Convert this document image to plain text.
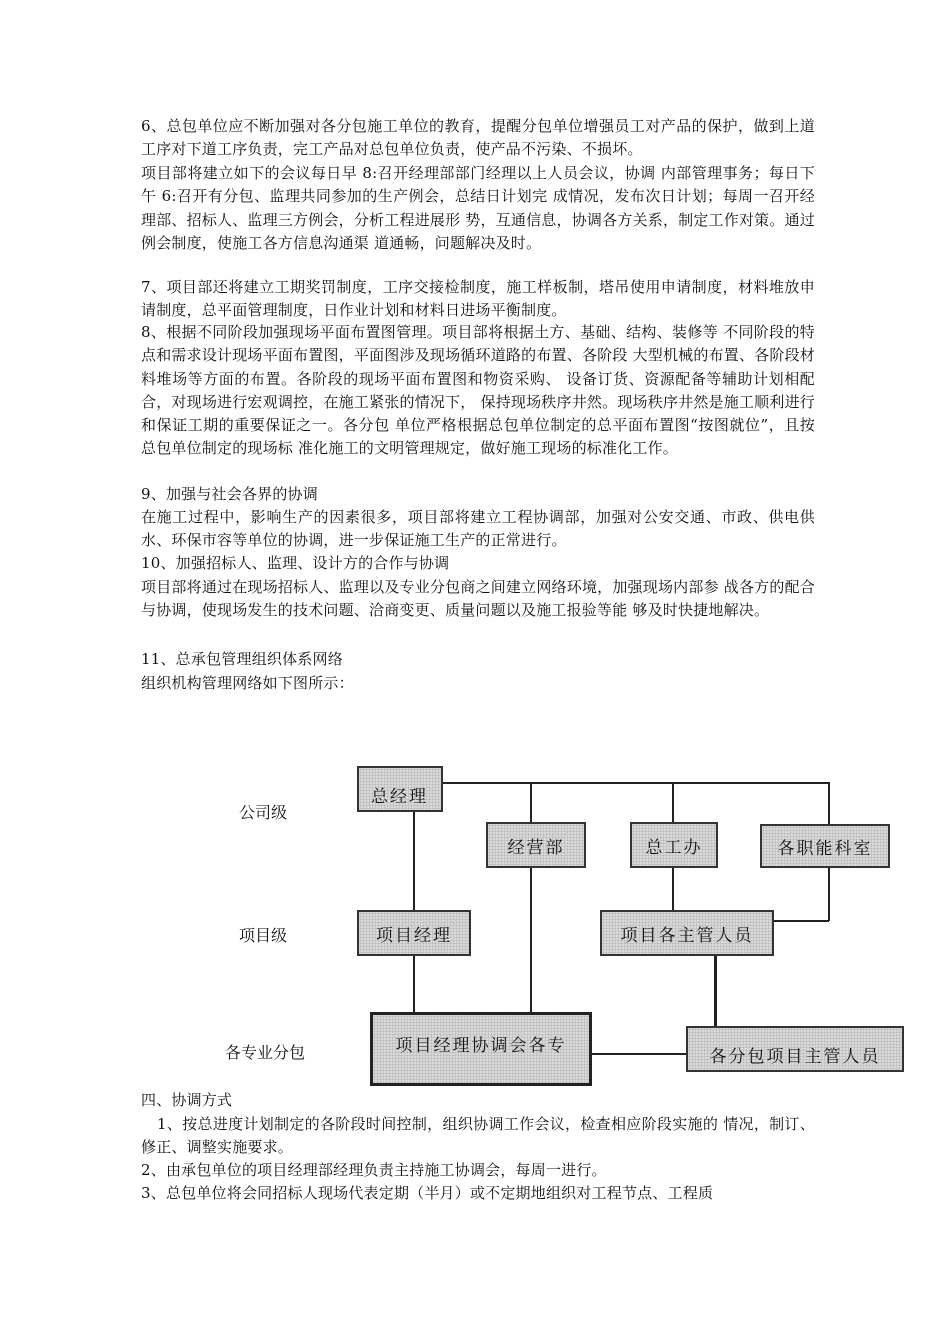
6、总包单位应不断加强对各分包施工单位的教育，提醒分包单位增强员工对产品的保护，做到上道工序对下道工序负责，完工产品对总包单位负责，使产品不污染、不损坏。
项目部将建立如下的会议每日早 8:召开经理部部门经理以上人员会议，协调 内部管理事务；每日下午 6:召开有分包、监理共同参加的生产例会，总结日计划完 成情况，发布次日计划；每周一召开经理部、招标人、监理三方例会，分析工程进展形 势，互通信息，协调各方关系，制定工作对策。通过例会制度，使施工各方信息沟通渠 道通畅，问题解决及时。
7、项目部还将建立工期奖罚制度，工序交接检制度，施工样板制，塔吊使用申请制度，材料堆放申请制度，总平面管理制度，日作业计划和材料日进场平衡制度。
8、根据不同阶段加强现场平面布置图管理。项目部将根据土方、基础、结构、装修等 不同阶段的特点和需求设计现场平面布置图，平面图涉及现场循环道路的布置、各阶段 大型机械的布置、各阶段材料堆场等方面的布置。各阶段的现场平面布置图和物资采购、 设备订货、资源配备等辅助计划相配合，对现场进行宏观调控，在施工紧张的情况下， 保持现场秩序井然。现场秩序井然是施工顺利进行和保证工期的重要保证之一。各分包 单位严格根据总包单位制定的总平面布置图“按图就位”，且按总包单位制定的现场标 准化施工的文明管理规定，做好施工现场的标准化工作。
9、加强与社会各界的协调
在施工过程中，影响生产的因素很多，项目部将建立工程协调部，加强对公安交通、市政、供电供水、环保市容等单位的协调，进一步保证施工生产的正常进行。
10、加强招标人、监理、设计方的合作与协调
项目部将通过在现场招标人、监理以及专业分包商之间建立网络环境，加强现场内部参 战各方的配合与协调，使现场发生的技术问题、洽商变更、质量问题以及施工报验等能 够及时快捷地解决。
11、总承包管理组织体系网络
组织机构管理网络如下图所示：
公司级
项目级
各专业分包
总经理
经营部	总工办	各职能科室
项目经理	项目各主管人员
项目经理协调会各专
各分包项目主管人员
四、协调方式
1、按总进度计划制定的各阶段时间控制，组织协调工作会议，检查相应阶段实施的 情况，制订、修正、调整实施要求。
2、由承包单位的项目经理部经理负责主持施工协调会，每周一进行。
3、总包单位将会同招标人现场代表定期（半月）或不定期地组织对工程节点、工程质
